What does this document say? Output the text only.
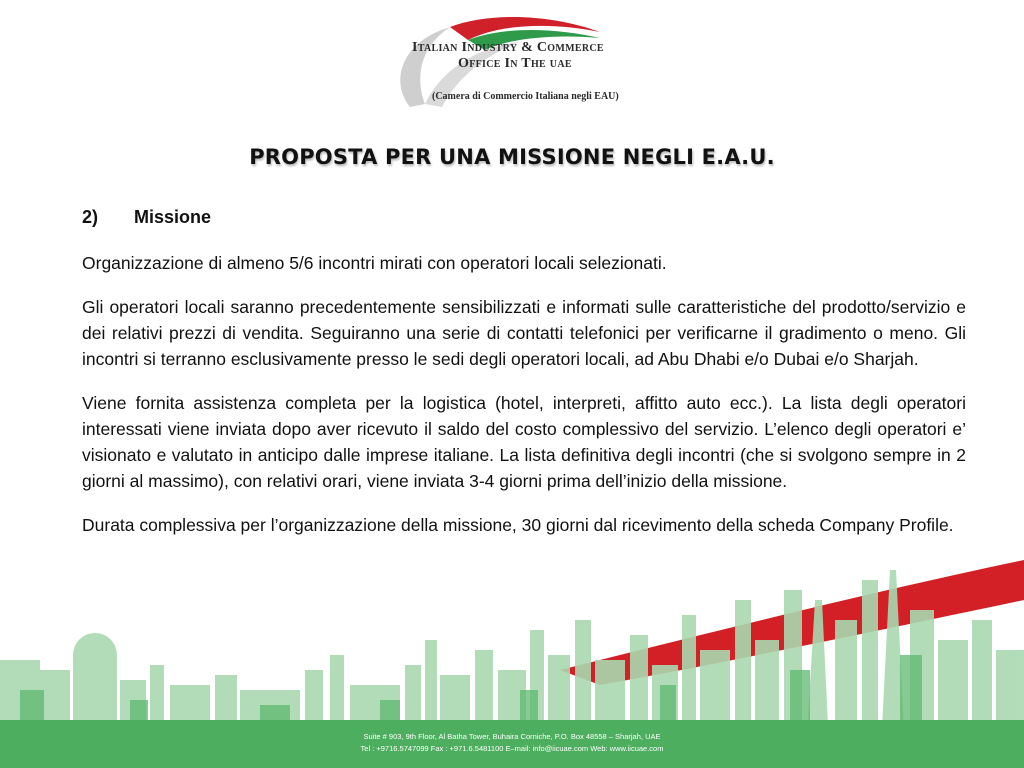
Italian Industry & Commerce
Office In The uae
(Camera di Commercio Italiana negli EAU)
PROPOSTA PER UNA MISSIONE NEGLI E.A.U.
2) Missione

Organizzazione di almeno 5/6 incontri mirati con operatori locali selezionati.

Gli operatori locali saranno precedentemente sensibilizzati e informati sulle caratteristiche del prodotto/servizio e dei relativi prezzi di vendita. Seguiranno una serie di contatti telefonici per verificarne il gradimento o meno. Gli incontri si terranno esclusivamente presso le sedi degli operatori locali, ad Abu Dhabi e/o Dubai e/o Sharjah.

Viene fornita assistenza completa per la logistica (hotel, interpreti, affitto auto ecc.). La lista degli operatori interessati viene inviata dopo aver ricevuto il saldo del costo complessivo del servizio. L’elenco degli operatori e’ visionato e valutato in anticipo dalle imprese italiane. La lista definitiva degli incontri (che si svolgono sempre in 2 giorni al massimo), con relativi orari, viene inviata 3-4 giorni prima dell’inizio della missione.

Durata complessiva per l’organizzazione della missione, 30 giorni dal ricevimento della scheda Company Profile.

Suite # 903, 9th Floor, Al Batha Tower, Buhaira Corniche, P.O. Box 48558 – Sharjah, UAE
Tel : +9716.5747099 Fax : +971.6.5481100 E–mail: info@iicuae.com Web: www.iicuae.com
